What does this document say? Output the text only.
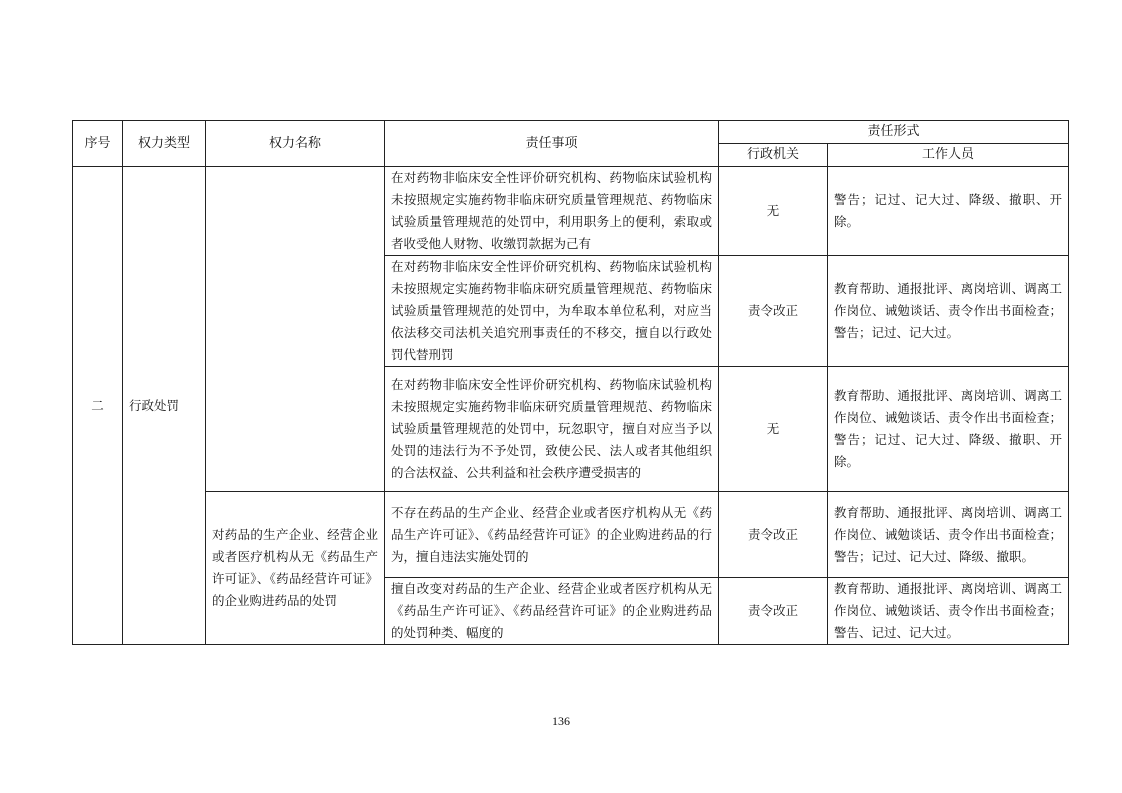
序号	权力类型	权力名称	责任事项	责任形式	
				行政机关	工作人员
二	行政处罚		在对药物非临床安全性评价研究机构、药物临床试验机构未按照规定实施药物非临床研究质量管理规范、药物临床试验质量管理规范的处罚中，利用职务上的便利，索取或者收受他人财物、收缴罚款据为己有	无	警告；记过、记大过、降级、撤职、开除。
			在对药物非临床安全性评价研究机构、药物临床试验机构未按照规定实施药物非临床研究质量管理规范、药物临床试验质量管理规范的处罚中，为牟取本单位私利，对应当依法移交司法机关追究刑事责任的不移交，擅自以行政处罚代替刑罚	责令改正	教育帮助、通报批评、离岗培训、调离工作岗位、诫勉谈话、责令作出书面检查；警告；记过、记大过。
			在对药物非临床安全性评价研究机构、药物临床试验机构未按照规定实施药物非临床研究质量管理规范、药物临床试验质量管理规范的处罚中，玩忽职守，擅自对应当予以处罚的违法行为不予处罚，致使公民、法人或者其他组织的合法权益、公共利益和社会秩序遭受损害的	无	教育帮助、通报批评、离岗培训、调离工作岗位、诫勉谈话、责令作出书面检查；警告；记过、记大过、降级、撤职、开除。
		对药品的生产企业、经营企业或者医疗机构从无《药品生产许可证》、《药品经营许可证》的企业购进药品的处罚	不存在药品的生产企业、经营企业或者医疗机构从无《药品生产许可证》、《药品经营许可证》的企业购进药品的行为，擅自违法实施处罚的	责令改正	教育帮助、通报批评、离岗培训、调离工作岗位、诫勉谈话、责令作出书面检查；警告；记过、记大过、降级、撤职。
			擅自改变对药品的生产企业、经营企业或者医疗机构从无《药品生产许可证》、《药品经营许可证》的企业购进药品的处罚种类、幅度的	责令改正	教育帮助、通报批评、离岗培训、调离工作岗位、诫勉谈话、责令作出书面检查；警告、记过、记大过。
136
